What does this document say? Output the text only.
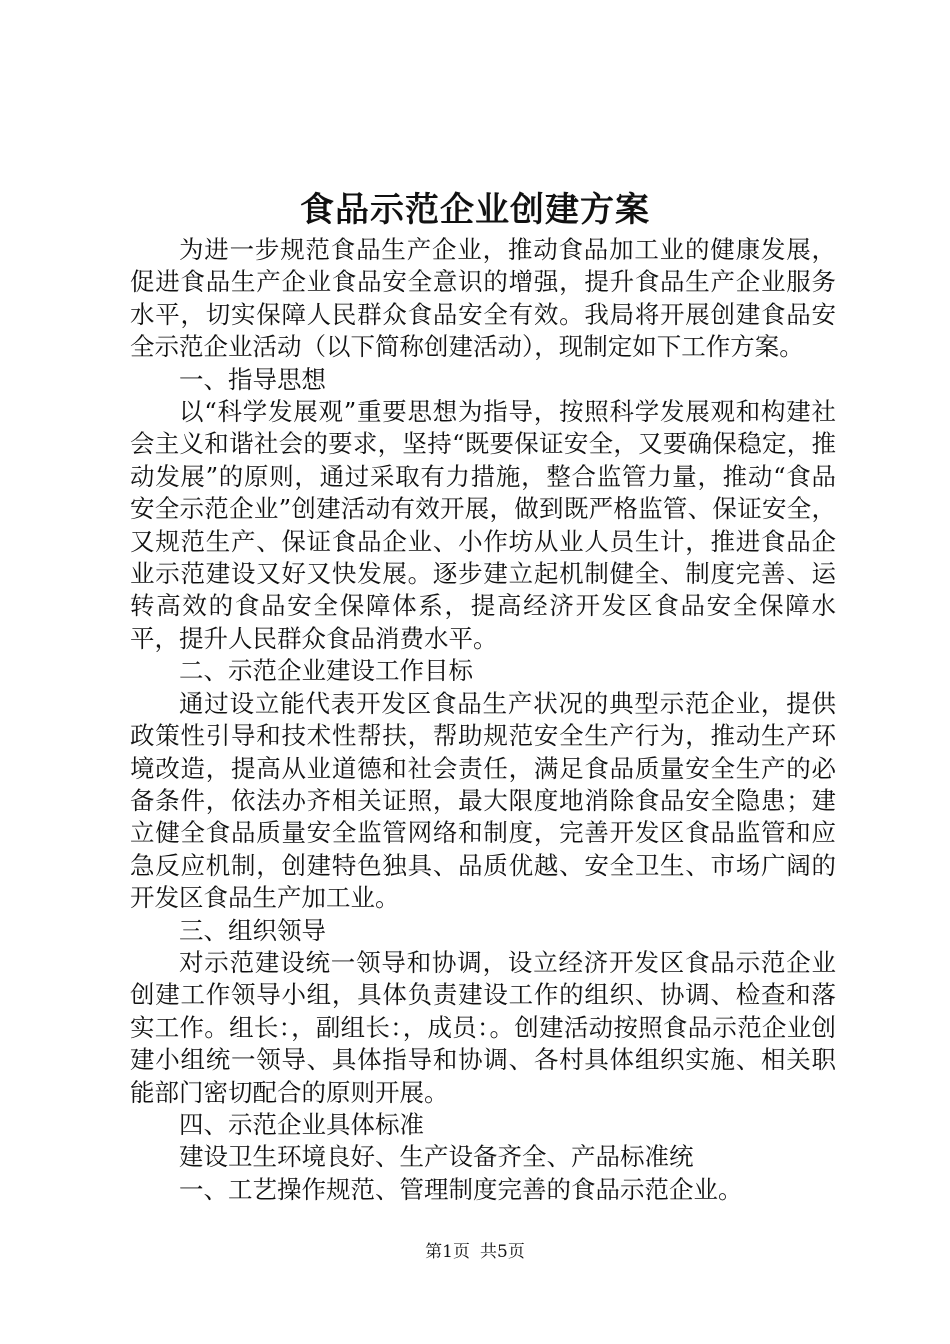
食品示范企业创建方案

为进一步规范食品生产企业，推动食品加工业的健康发展，促进食品生产企业食品安全意识的增强，提升食品生产企业服务水平，切实保障人民群众食品安全有效。我局将开展创建食品安全示范企业活动（以下简称创建活动），现制定如下工作方案。

一、指导思想

以“科学发展观”重要思想为指导，按照科学发展观和构建社会主义和谐社会的要求，坚持“既要保证安全，又要确保稳定，推动发展”的原则，通过采取有力措施，整合监管力量，推动“食品安全示范企业”创建活动有效开展，做到既严格监管、保证安全，又规范生产、保证食品企业、小作坊从业人员生计，推进食品企业示范建设又好又快发展。逐步建立起机制健全、制度完善、运转高效的食品安全保障体系，提高经济开发区食品安全保障水平，提升人民群众食品消费水平。

二、示范企业建设工作目标

通过设立能代表开发区食品生产状况的典型示范企业，提供政策性引导和技术性帮扶，帮助规范安全生产行为，推动生产环境改造，提高从业道德和社会责任，满足食品质量安全生产的必备条件，依法办齐相关证照，最大限度地消除食品安全隐患；建立健全食品质量安全监管网络和制度，完善开发区食品监管和应急反应机制，创建特色独具、品质优越、安全卫生、市场广阔的开发区食品生产加工业。

三、组织领导

对示范建设统一领导和协调，设立经济开发区食品示范企业创建工作领导小组，具体负责建设工作的组织、协调、检查和落实工作。组长：，副组长：，成员：。创建活动按照食品示范企业创建小组统一领导、具体指导和协调、各村具体组织实施、相关职能部门密切配合的原则开展。

四、示范企业具体标准

建设卫生环境良好、生产设备齐全、产品标准统

一、工艺操作规范、管理制度完善的食品示范企业。

第1页 共5页
